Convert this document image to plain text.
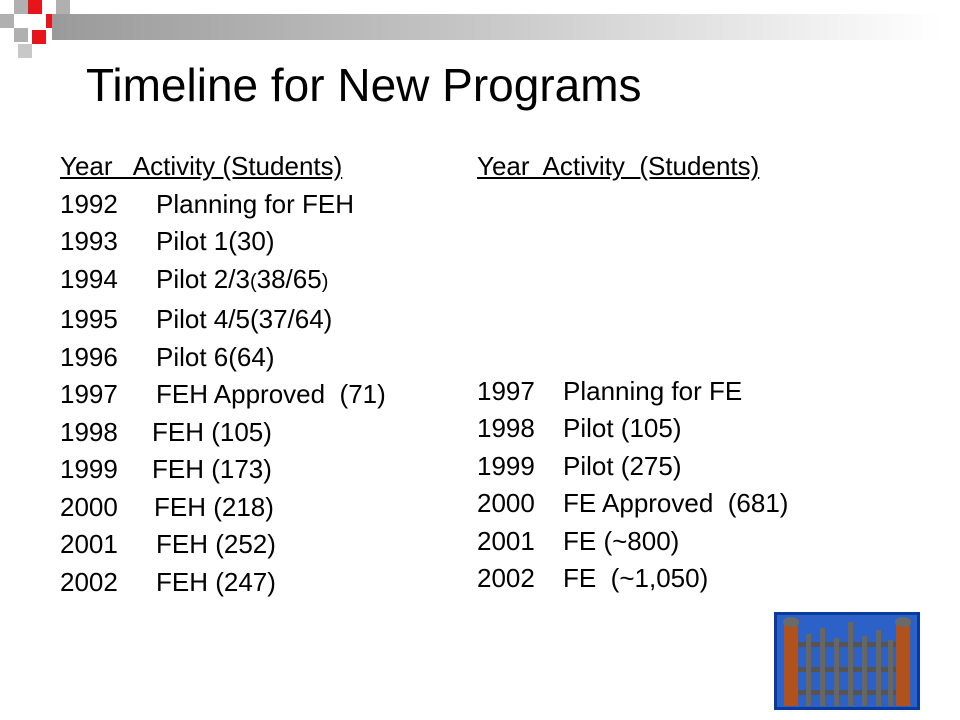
Timeline for New Programs
Year   Activity (Students)
1992 Planning for FEH
1993 Pilot 1(30)
1994 Pilot 2/3(38/65)
1995 Pilot 4/5(37/64)
1996 Pilot 6(64)
1997 FEH Approved  (71)
1998 FEH (105)
1999 FEH (173)
2000 FEH (218)
2001 FEH (252)
2002 FEH (247)
Year  Activity  (Students)
1997 Planning for FE
1998 Pilot (105)
1999 Pilot (275)
2000 FE Approved  (681)
2001 FE (~800)
2002 FE  (~1,050)
